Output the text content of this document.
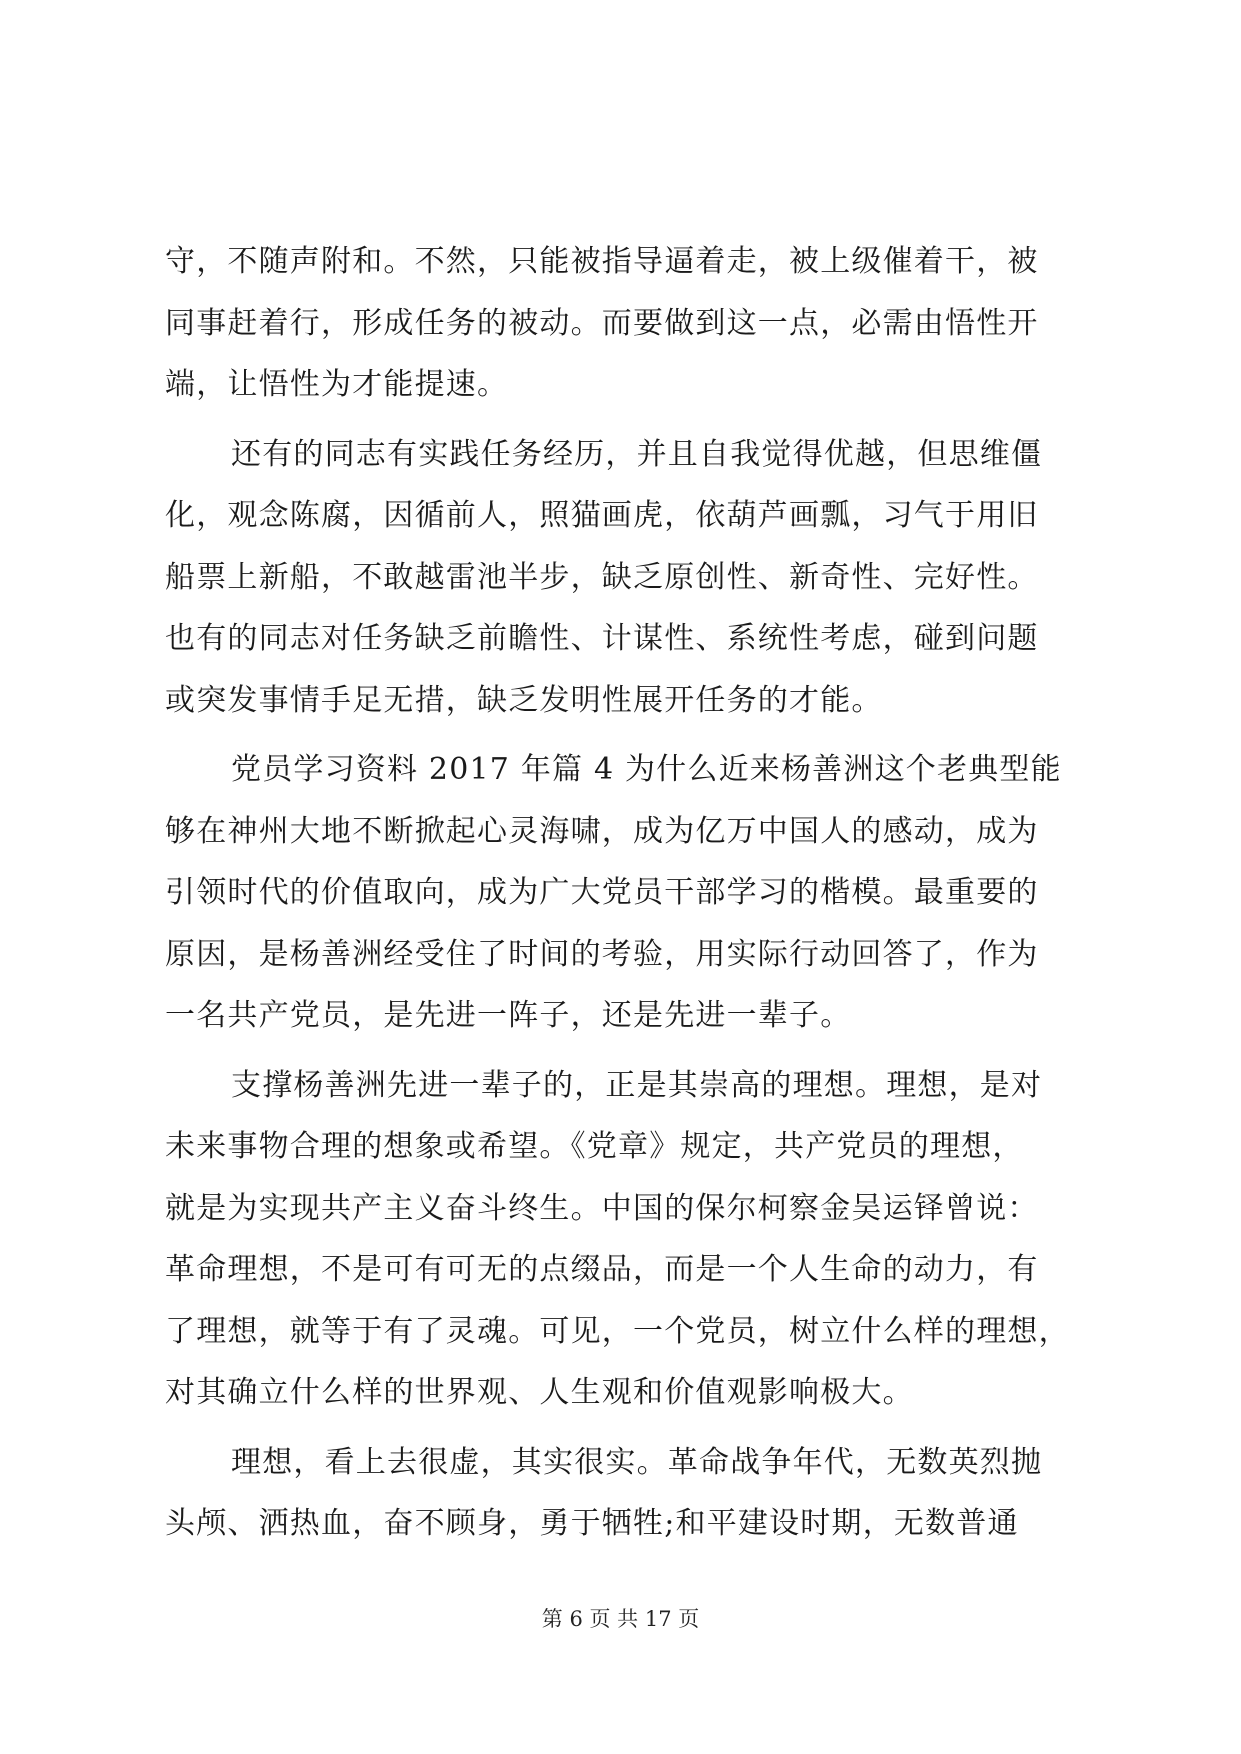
守，不随声附和。不然，只能被指导逼着走，被上级催着干，被
同事赶着行，形成任务的被动。而要做到这一点，必需由悟性开
端，让悟性为才能提速。
还有的同志有实践任务经历，并且自我觉得优越，但思维僵
化，观念陈腐，因循前人，照猫画虎，依葫芦画瓢，习气于用旧
船票上新船，不敢越雷池半步，缺乏原创性、新奇性、完好性。
也有的同志对任务缺乏前瞻性、计谋性、系统性考虑，碰到问题
或突发事情手足无措，缺乏发明性展开任务的才能。
党员学习资料 2017 年篇 4 为什么近来杨善洲这个老典型能
够在神州大地不断掀起心灵海啸，成为亿万中国人的感动，成为
引领时代的价值取向，成为广大党员干部学习的楷模。最重要的
原因，是杨善洲经受住了时间的考验，用实际行动回答了，作为
一名共产党员，是先进一阵子，还是先进一辈子。
支撑杨善洲先进一辈子的，正是其崇高的理想。理想，是对
未来事物合理的想象或希望。《党章》规定，共产党员的理想，
就是为实现共产主义奋斗终生。中国的保尔柯察金吴运铎曾说：
革命理想，不是可有可无的点缀品，而是一个人生命的动力，有
了理想，就等于有了灵魂。可见，一个党员，树立什么样的理想，
对其确立什么样的世界观、人生观和价值观影响极大。
理想，看上去很虚，其实很实。革命战争年代，无数英烈抛
头颅、洒热血，奋不顾身，勇于牺牲;和平建设时期，无数普通
第 6 页 共 17 页
